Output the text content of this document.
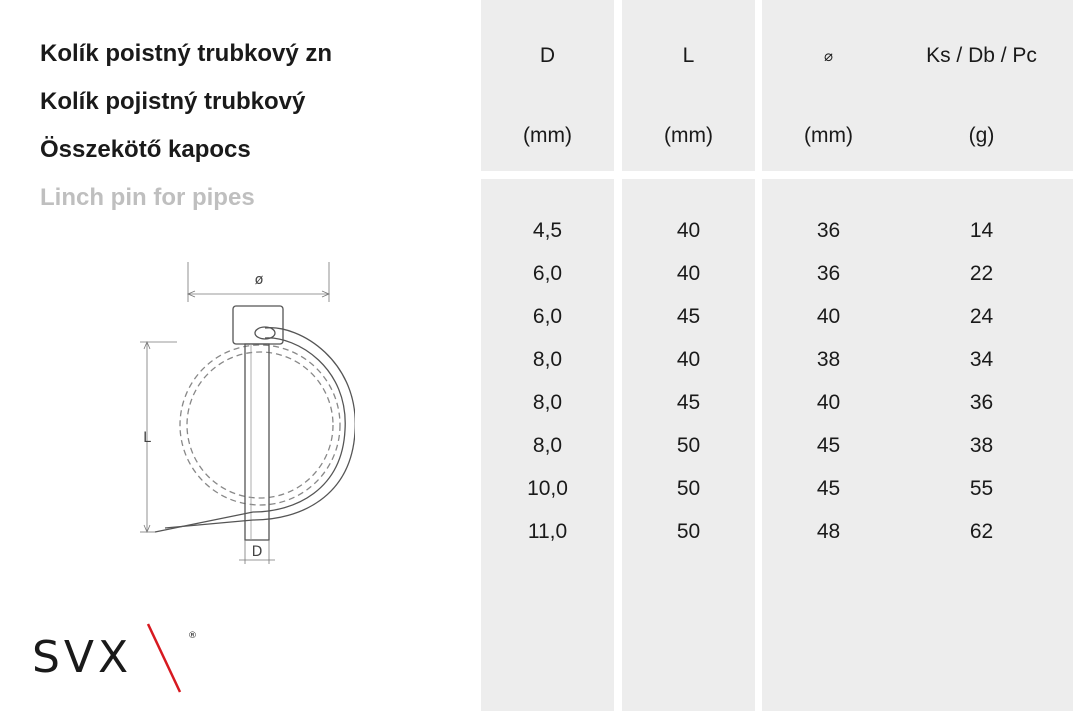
Kolík poistný trubkový zn
Kolík pojistný trubkový
Összekötő kapocs
Linch pin for pipes
ø
L
D
SVX	®
D
(mm)
L
(mm)
⌀
(mm)
Ks / Db / Pc
(g)
4,5
6,0
6,0
8,0
8,0
8,0
10,0
11,0
40
40
45
40
45
50
50
50
36
36
40
38
40
45
45
48
14
22
24
34
36
38
55
62
